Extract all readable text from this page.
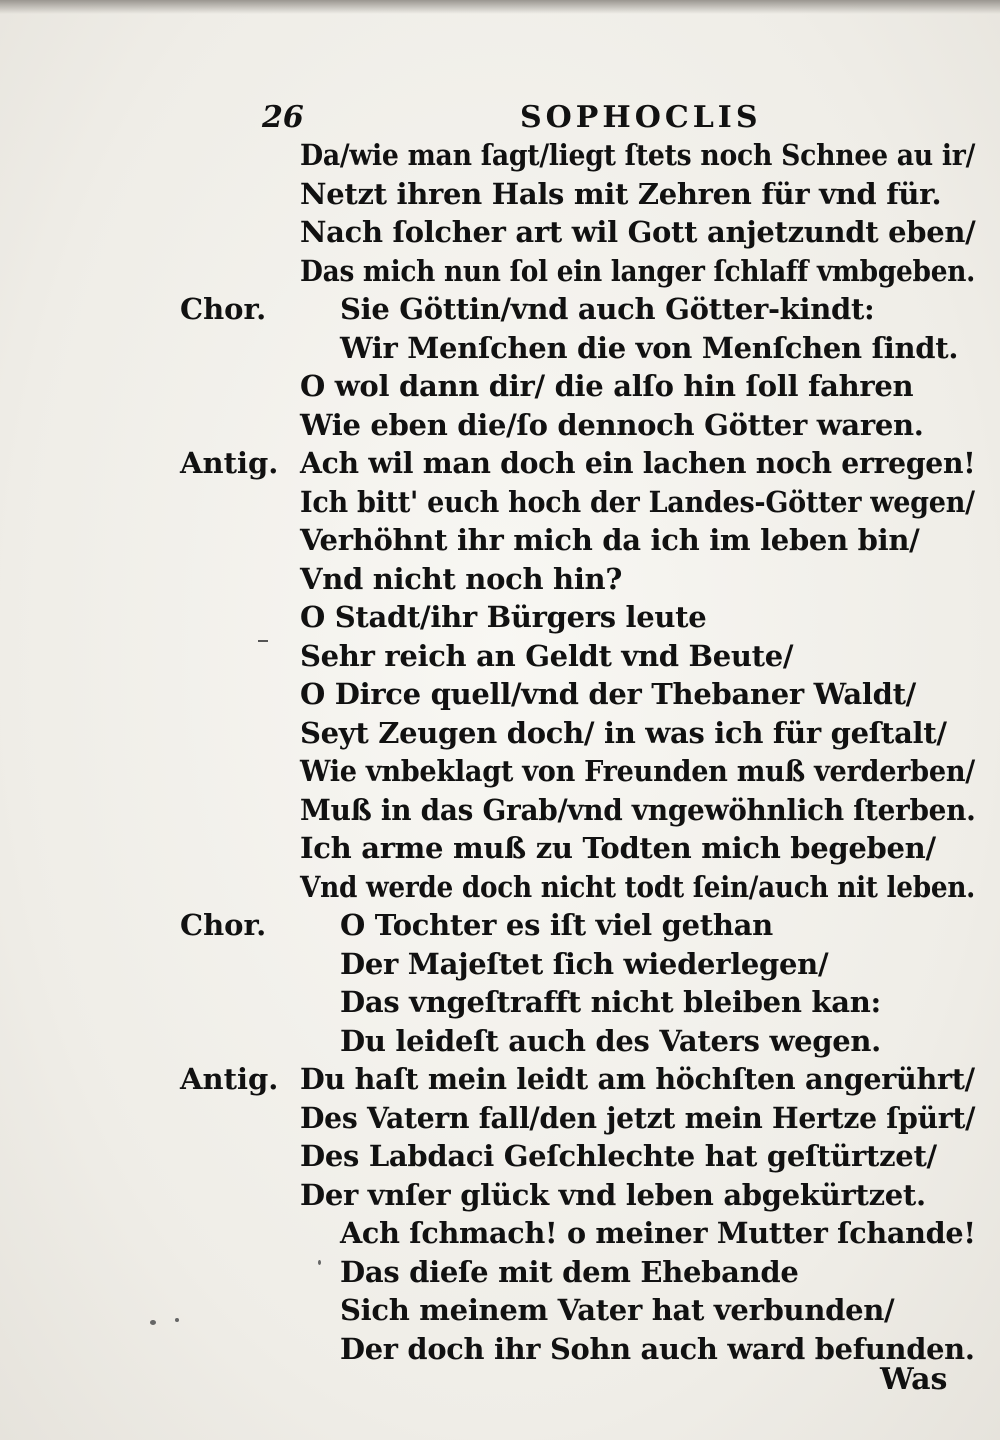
26	SOPHOCLIS
Da/wie man ſagt/liegt ſtets noch Schnee au ir/
Netzt ihren Hals mit Zehren für vnd für.
Nach ſolcher art wil Gott anjetzundt eben/
Das mich nun ſol ein langer ſchlaff vmbgeben.
Chor.	Sie Göttin/vnd auch Götter-kindt:
Wir Menſchen die von Menſchen ſindt.
O wol dann dir/ die alſo hin ſoll fahren
Wie eben die/ſo dennoch Götter waren.
Antig. Ach wil man doch ein lachen noch erregen!
Ich bitt' euch hoch der Landes-Götter wegen/
Verhöhnt ihr mich da ich im leben bin/
Vnd nicht noch hin?
O Stadt/ihr Bürgers leute
Sehr reich an Geldt vnd Beute/
O Dirce quell/vnd der Thebaner Waldt/
Seyt Zeugen doch/ in was ich für geſtalt/
Wie vnbeklagt von Freunden muß verderben/
Muß in das Grab/vnd vngewöhnlich ſterben.
Ich arme muß zu Todten mich begeben/
Vnd werde doch nicht todt ſein/auch nit leben.
Chor.	O Tochter es iſt viel gethan
Der Majeſtet ſich wiederlegen/
Das vngeſtrafft nicht bleiben kan:
Du leideſt auch des Vaters wegen.
Antig. Du haſt mein leidt am höchſten angerührt/
Des Vatern fall/den jetzt mein Hertze ſpürt/
Des Labdaci Geſchlechte hat geſtürtzet/
Der vnſer glück vnd leben abgekürtzet.
Ach ſchmach! o meiner Mutter ſchande!
Das dieſe mit dem Ehebande
Sich meinem Vater hat verbunden/
Der doch ihr Sohn auch ward befunden.
Was
